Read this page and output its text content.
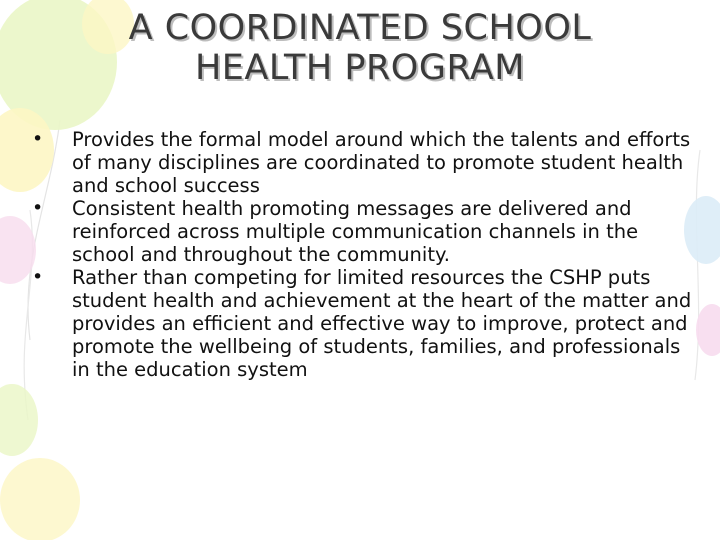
A COORDINATED SCHOOL
HEALTH PROGRAM
•	Provides the formal model around which the talents and efforts of many disciplines are coordinated to promote student health and school success
•	Consistent health promoting messages are delivered and reinforced across multiple communication channels in the school and throughout the community.
•	Rather than competing for limited resources the CSHP puts student health and achievement at the heart of the matter and provides an efficient and effective way to improve, protect and promote the wellbeing of students, families, and professionals in the education system
